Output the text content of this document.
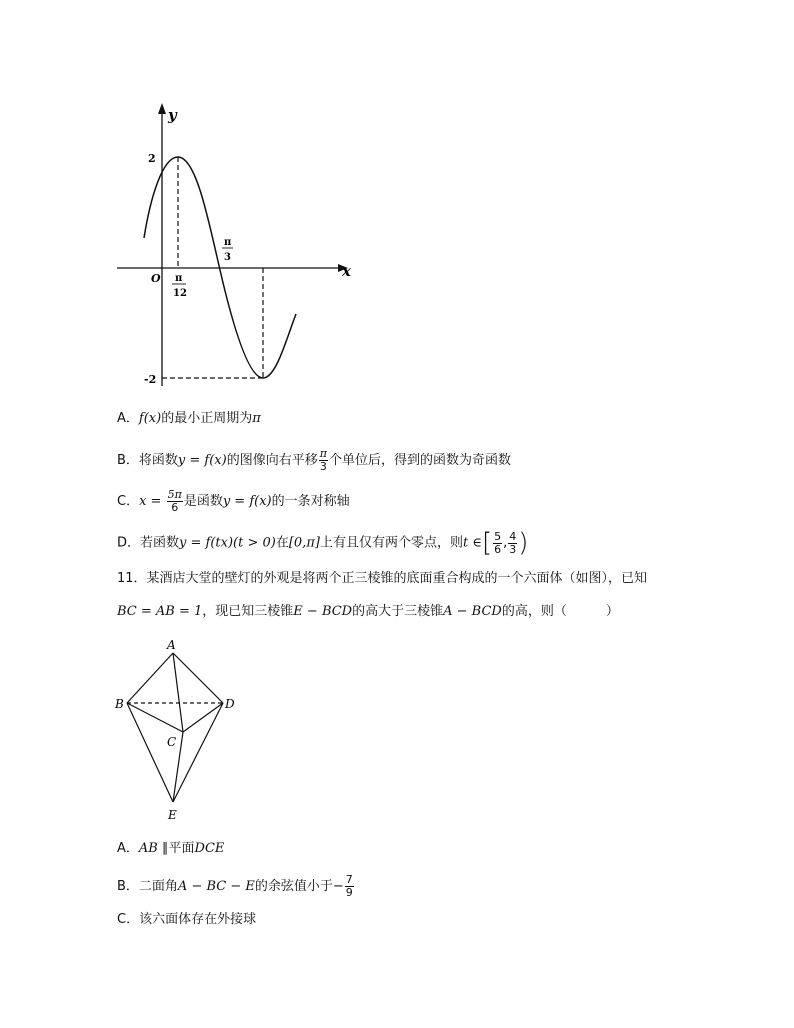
y
x
O
2
-2
π
12
π
3
A．f(x)的最小正周期为π
B．将函数y = f(x)的图像向右平移 $\frac{\pi}{3}$ 个单位后，得到的函数为奇函数
C．$x = \frac{5\pi}{6}$ 是函数y = f(x)的一条对称轴
D．若函数y = f(tx)(t > 0)在[0,π]上有且仅有两个零点，则t ∈[ $\frac{5}{6}$ , $\frac{4}{3}$ )
11．某酒店大堂的壁灯的外观是将两个正三棱锥的底面重合构成的一个六面体（如图），已知
BC = AB = 1，现已知三棱锥E − BCD的高大于三棱锥A − BCD的高，则（　　　）
A
B
C
D
E
A．AB ∥平面DCE
B．二面角A − BC − E的余弦值小于− $\frac{7}{9}$
C．该六面体存在外接球
